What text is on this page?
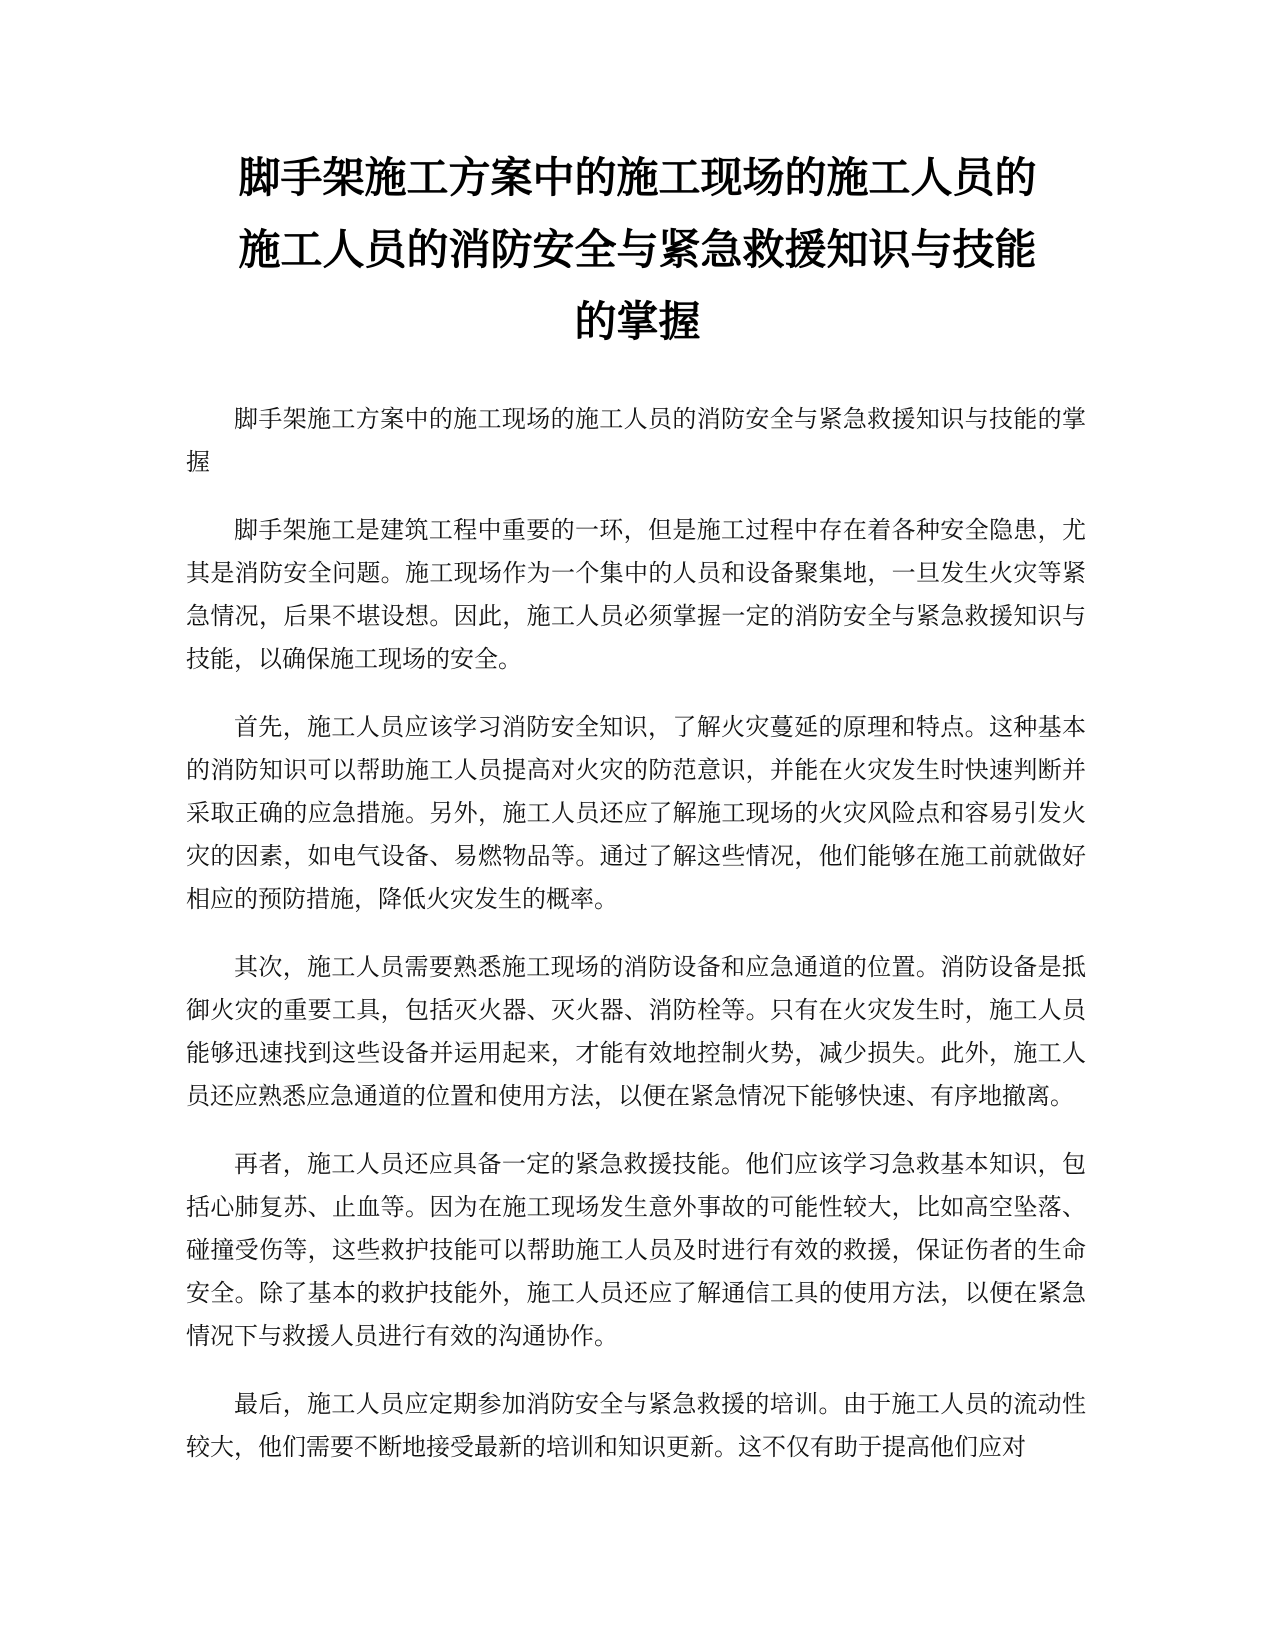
脚手架施工方案中的施工现场的施工人员的
施工人员的消防安全与紧急救援知识与技能
的掌握

脚手架施工方案中的施工现场的施工人员的消防安全与紧急救援知识与技能的掌握

脚手架施工是建筑工程中重要的一环，但是施工过程中存在着各种安全隐患，尤其是消防安全问题。施工现场作为一个集中的人员和设备聚集地，一旦发生火灾等紧急情况，后果不堪设想。因此，施工人员必须掌握一定的消防安全与紧急救援知识与技能，以确保施工现场的安全。

首先，施工人员应该学习消防安全知识，了解火灾蔓延的原理和特点。这种基本的消防知识可以帮助施工人员提高对火灾的防范意识，并能在火灾发生时快速判断并采取正确的应急措施。另外，施工人员还应了解施工现场的火灾风险点和容易引发火灾的因素，如电气设备、易燃物品等。通过了解这些情况，他们能够在施工前就做好相应的预防措施，降低火灾发生的概率。

其次，施工人员需要熟悉施工现场的消防设备和应急通道的位置。消防设备是抵御火灾的重要工具，包括灭火器、灭火器、消防栓等。只有在火灾发生时，施工人员能够迅速找到这些设备并运用起来，才能有效地控制火势，减少损失。此外，施工人员还应熟悉应急通道的位置和使用方法，以便在紧急情况下能够快速、有序地撤离。

再者，施工人员还应具备一定的紧急救援技能。他们应该学习急救基本知识，包括心肺复苏、止血等。因为在施工现场发生意外事故的可能性较大，比如高空坠落、碰撞受伤等，这些救护技能可以帮助施工人员及时进行有效的救援，保证伤者的生命安全。除了基本的救护技能外，施工人员还应了解通信工具的使用方法，以便在紧急情况下与救援人员进行有效的沟通协作。

最后，施工人员应定期参加消防安全与紧急救援的培训。由于施工人员的流动性较大，他们需要不断地接受最新的培训和知识更新。这不仅有助于提高他们应对
